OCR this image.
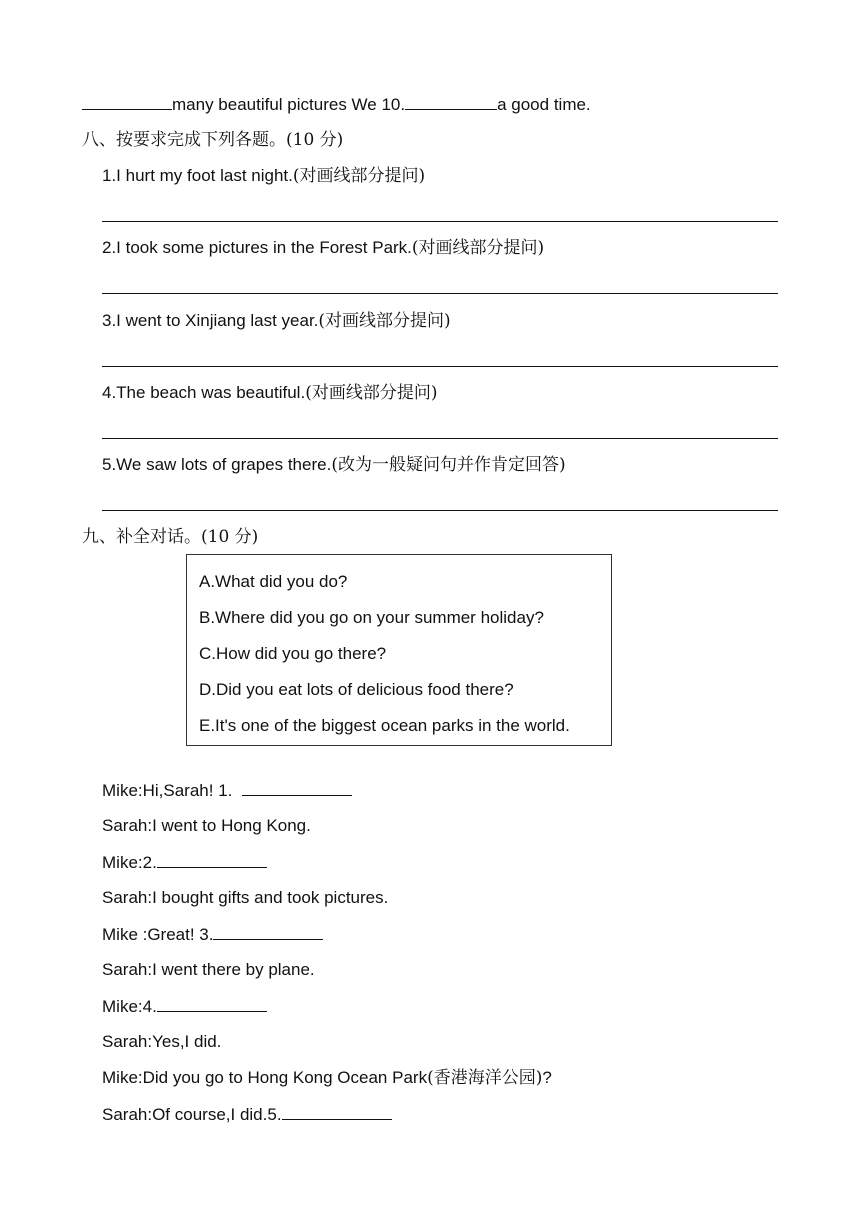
many beautiful pictures We 10.	a good time.
八、按要求完成下列各题。(10 分)
1.I hurt my foot last night.(对画线部分提问)
2.I took some pictures in the Forest Park.(对画线部分提问)
3.I went to Xinjiang last year.(对画线部分提问)
4.The beach was beautiful.(对画线部分提问)
5.We saw lots of grapes there.(改为一般疑问句并作肯定回答)
九、补全对话。(10 分)
A.What did you do?
B.Where did you go on your summer holiday?
C.How did you go there?
D.Did you eat lots of delicious food there?
E.It's one of the biggest ocean parks in the world.
Mike:Hi,Sarah! 1.
Sarah:I went to Hong Kong.
Mike:2.
Sarah:I bought gifts and took pictures.
Mike :Great! 3.
Sarah:I went there by plane.
Mike:4.
Sarah:Yes,I did.
Mike:Did you go to Hong Kong Ocean Park(香港海洋公园)?
Sarah:Of course,I did.5.
